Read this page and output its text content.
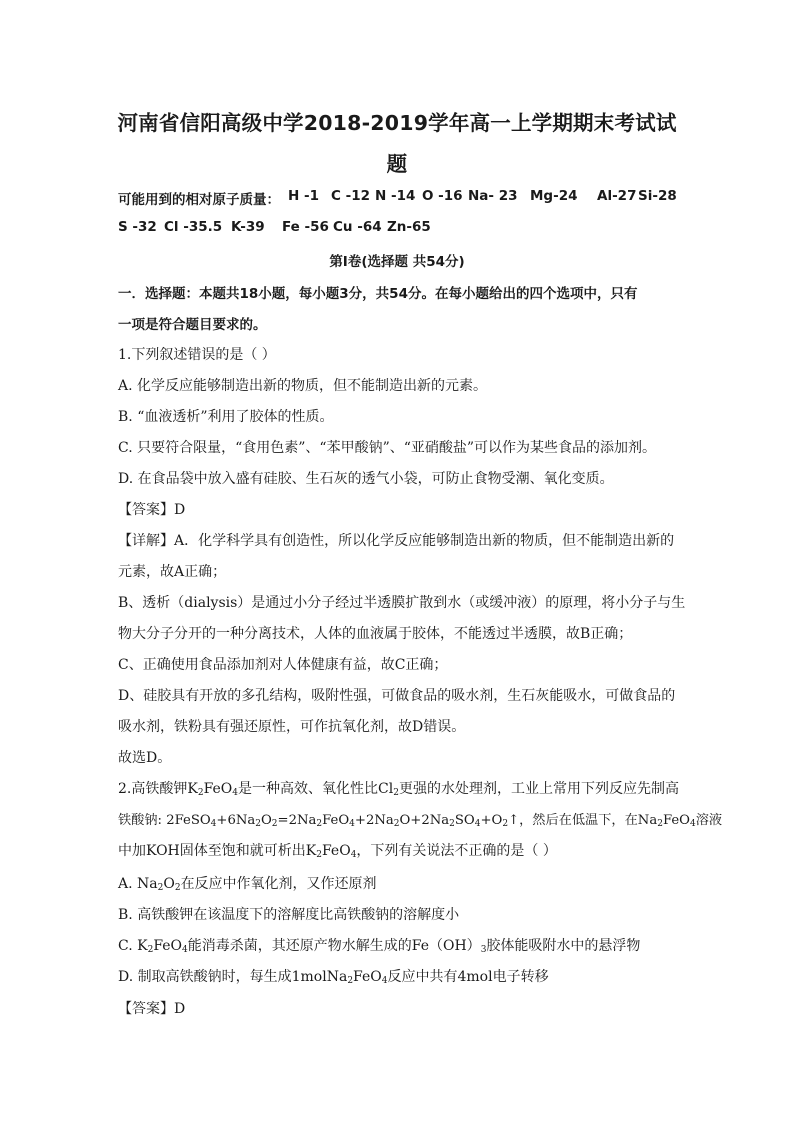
河南省信阳高级中学2018-2019学年高一上学期期末考试试
题
可能用到的相对原子质量： H -1 C -12 N -14 O -16 Na- 23 Mg-24 Al-27 Si-28
S -32 Cl -35.5 K-39 Fe -56 Cu -64 Zn-65
第Ⅰ卷(选择题 共54分)
一．选择题：本题共18小题，每小题3分，共54分。在每小题给出的四个选项中，只有
一项是符合题目要求的。
1.下列叙述错误的是（ ）
A. 化学反应能够制造出新的物质，但不能制造出新的元素。
B. “血液透析”利用了胶体的性质。
C. 只要符合限量，“食用色素”、“苯甲酸钠”、“亚硝酸盐”可以作为某些食品的添加剂。
D. 在食品袋中放入盛有硅胶、生石灰的透气小袋，可防止食物受潮、氧化变质。
【答案】D
【详解】A．化学科学具有创造性，所以化学反应能够制造出新的物质，但不能制造出新的
元素，故A正确；
B、透析（dialysis）是通过小分子经过半透膜扩散到水（或缓冲液）的原理，将小分子与生
物大分子分开的一种分离技术，人体的血液属于胶体，不能透过半透膜，故B正确；
C、正确使用食品添加剂对人体健康有益，故C正确；
D、硅胶具有开放的多孔结构，吸附性强，可做食品的吸水剂，生石灰能吸水，可做食品的
吸水剂，铁粉具有强还原性，可作抗氧化剂，故D错误。
故选D。
2.高铁酸钾$K_2FeO_4$是一种高效、氧化性比$Cl_2$更强的水处理剂，工业上常用下列反应先制高
铁酸钠: $2FeSO_4+6Na_2O_2=2Na_2FeO_4+2Na_2O+2Na_2SO_4+O_2↑$，然后在低温下，在$Na_2FeO_4$溶液
中加KOH固体至饱和就可析出$K_2FeO_4$，下列有关说法不正确的是（ ）
A. $Na_2O_2$在反应中作氧化剂，又作还原剂
B. 高铁酸钾在该温度下的溶解度比高铁酸钠的溶解度小
C. $K_2FeO_4$能消毒杀菌，其还原产物水解生成的$Fe(OH)_3$胶体能吸附水中的悬浮物
D. 制取高铁酸钠时，每生成1molNa$_2$FeO$_4$反应中共有4mol电子转移
【答案】D
